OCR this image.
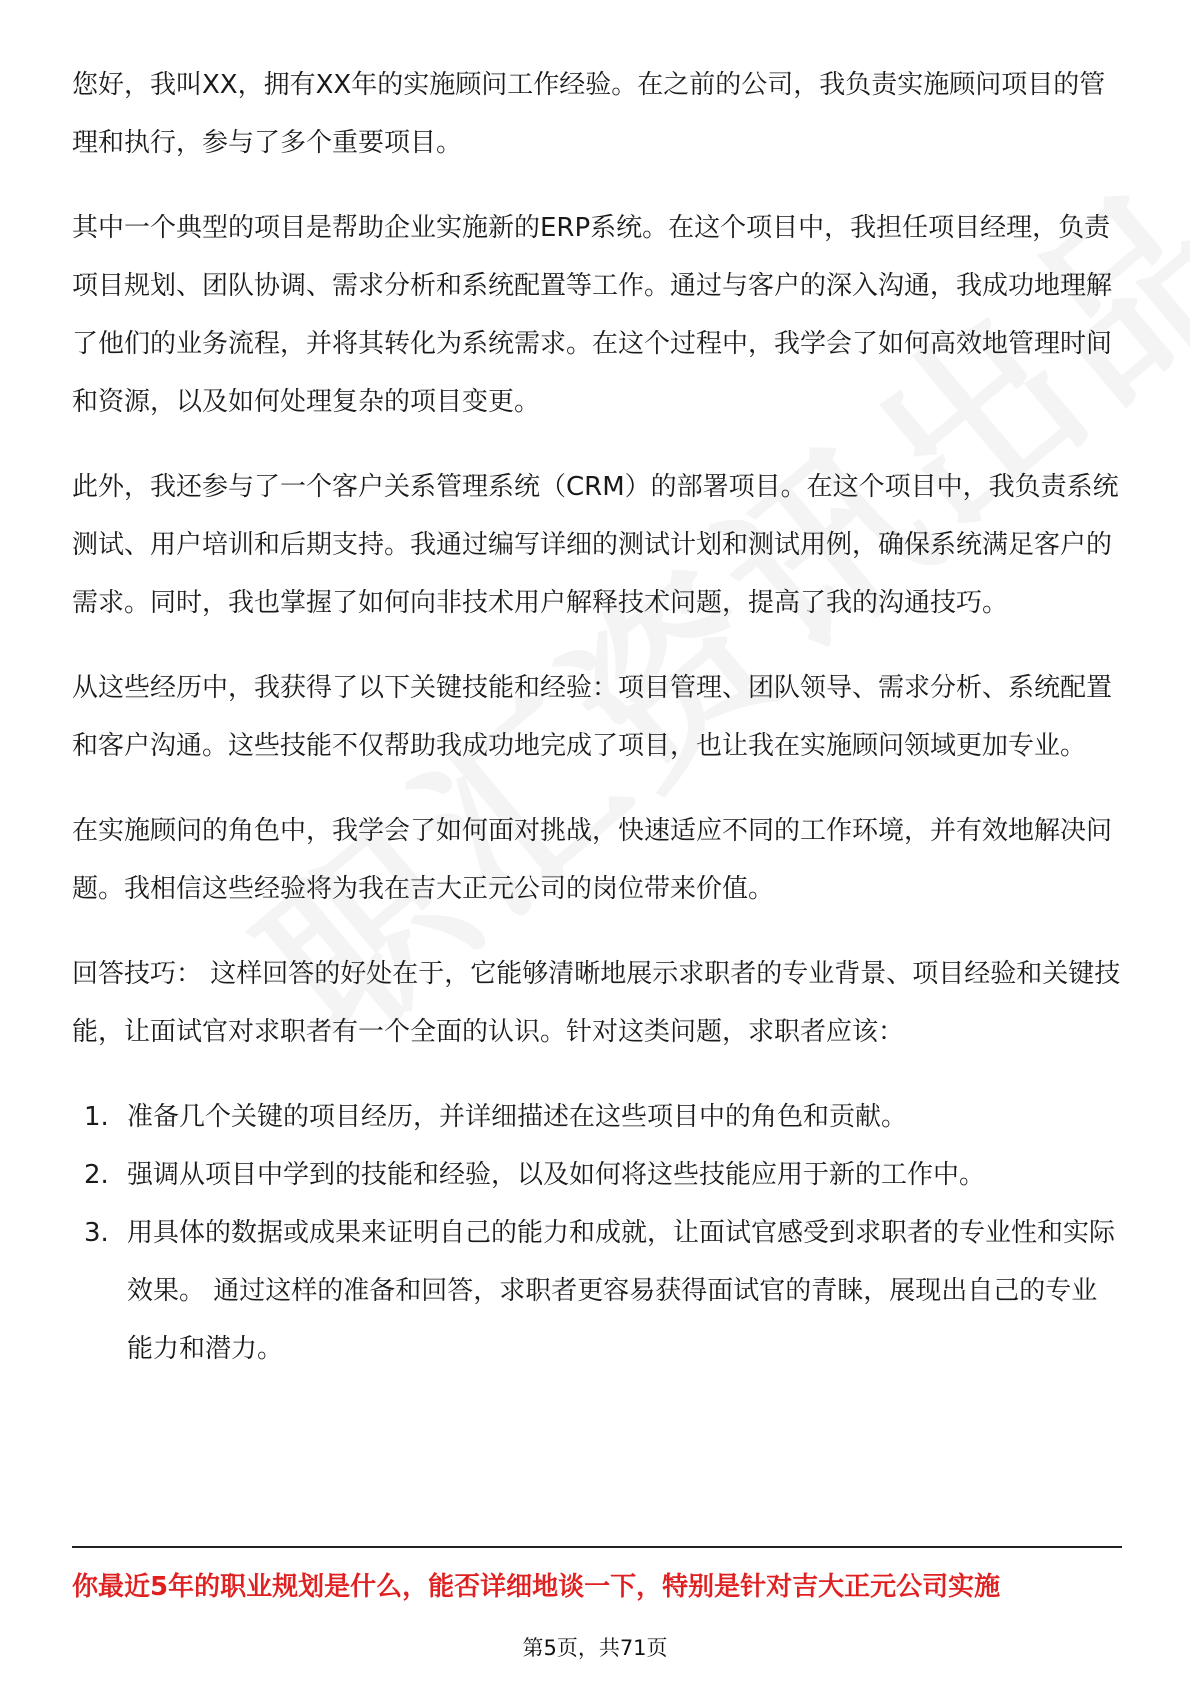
您好，我叫XX，拥有XX年的实施顾问工作经验。在之前的公司，我负责实施顾问项目的管理和执行，参与了多个重要项目。

其中一个典型的项目是帮助企业实施新的ERP系统。在这个项目中，我担任项目经理，负责项目规划、团队协调、需求分析和系统配置等工作。通过与客户的深入沟通，我成功地理解了他们的业务流程，并将其转化为系统需求。在这个过程中，我学会了如何高效地管理时间和资源，以及如何处理复杂的项目变更。

此外，我还参与了一个客户关系管理系统（CRM）的部署项目。在这个项目中，我负责系统测试、用户培训和后期支持。我通过编写详细的测试计划和测试用例，确保系统满足客户的需求。同时，我也掌握了如何向非技术用户解释技术问题，提高了我的沟通技巧。

从这些经历中，我获得了以下关键技能和经验：项目管理、团队领导、需求分析、系统配置和客户沟通。这些技能不仅帮助我成功地完成了项目，也让我在实施顾问领域更加专业。

在实施顾问的角色中，我学会了如何面对挑战，快速适应不同的工作环境，并有效地解决问题。我相信这些经验将为我在吉大正元公司的岗位带来价值。

回答技巧： 这样回答的好处在于，它能够清晰地展示求职者的专业背景、项目经验和关键技能，让面试官对求职者有一个全面的认识。针对这类问题，求职者应该：

1. 准备几个关键的项目经历，并详细描述在这些项目中的角色和贡献。
2. 强调从项目中学到的技能和经验，以及如何将这些技能应用于新的工作中。
3. 用具体的数据或成果来证明自己的能力和成就，让面试官感受到求职者的专业性和实际效果。 通过这样的准备和回答，求职者更容易获得面试官的青睐，展现出自己的专业能力和潜力。
你最近5年的职业规划是什么，能否详细地谈一下，特别是针对吉大正元公司实施
第5页，共71页
